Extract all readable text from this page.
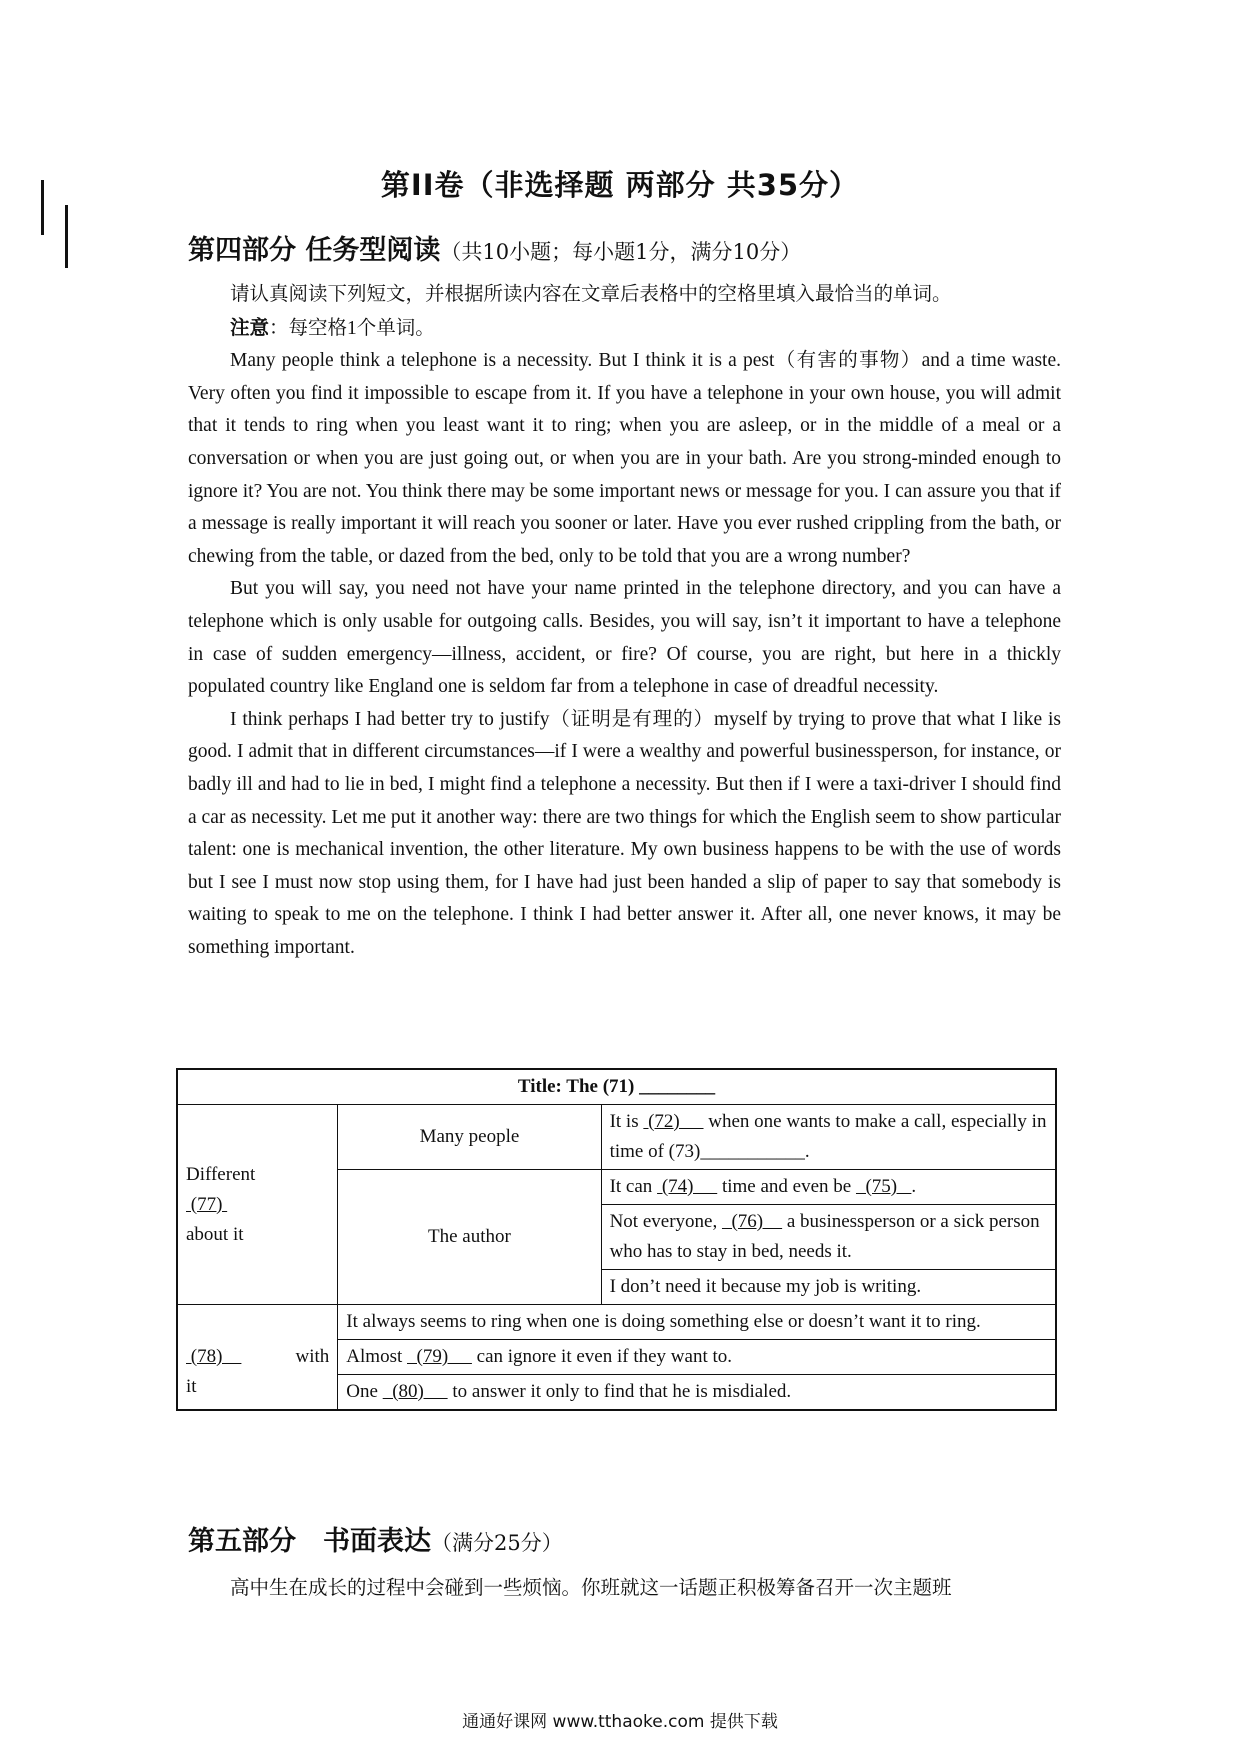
第II卷（非选择题 两部分 共35分）
第四部分 任务型阅读（共10小题；每小题1分，满分10分）

请认真阅读下列短文，并根据所读内容在文章后表格中的空格里填入最恰当的单词。

注意：每空格1个单词。

Many people think a telephone is a necessity. But I think it is a pest（有害的事物）and a time waste. Very often you find it impossible to escape from it. If you have a telephone in your own house, you will admit that it tends to ring when you least want it to ring; when you are asleep, or in the middle of a meal or a conversation or when you are just going out, or when you are in your bath. Are you strong-minded enough to ignore it? You are not. You think there may be some important news or message for you. I can assure you that if a message is really important it will reach you sooner or later. Have you ever rushed crippling from the bath, or chewing from the table, or dazed from the bed, only to be told that you are a wrong number?

But you will say, you need not have your name printed in the telephone directory, and you can have a telephone which is only usable for outgoing calls. Besides, you will say, isn’t it important to have a telephone in case of sudden emergency—illness, accident, or fire? Of course, you are right, but here in a thickly populated country like England one is seldom far from a telephone in case of dreadful necessity.

I think perhaps I had better try to justify（证明是有理的）myself by trying to prove that what I like is good. I admit that in different circumstances—if I were a wealthy and powerful businessperson, for instance, or badly ill and had to lie in bed, I might find a telephone a necessity. But then if I were a taxi-driver I should find a car as necessity. Let me put it another way: there are two things for which the English seem to show particular talent: one is mechanical invention, the other literature. My own business happens to be with the use of words but I see I must now stop using them, for I have had just been handed a slip of paper to say that somebody is waiting to speak to me on the telephone. I think I had better answer it. After all, one never knows, it may be something important.

Title: The (71) ________		

Different
(77)
about it	Many people	It is  (72)      when one wants to make a call, especially in time of (73)___________.
	The author	It can  (74)      time and even be   (75)   .
		Not everyone,   (76)     a businessperson or a sick person who has to stay in bed, needs it.
		I don’t need it because my job is writing.

(78) with
it	It always seems to ring when one is doing something else or doesn’t want it to ring.	
	Almost   (79)      can ignore it even if they want to.	
	One   (80)      to answer it only to find that he is misdialed.	
第五部分　书面表达（满分25分）

高中生在成长的过程中会碰到一些烦恼。你班就这一话题正积极筹备召开一次主题班

通通好课网 www.tthaoke.com 提供下载
